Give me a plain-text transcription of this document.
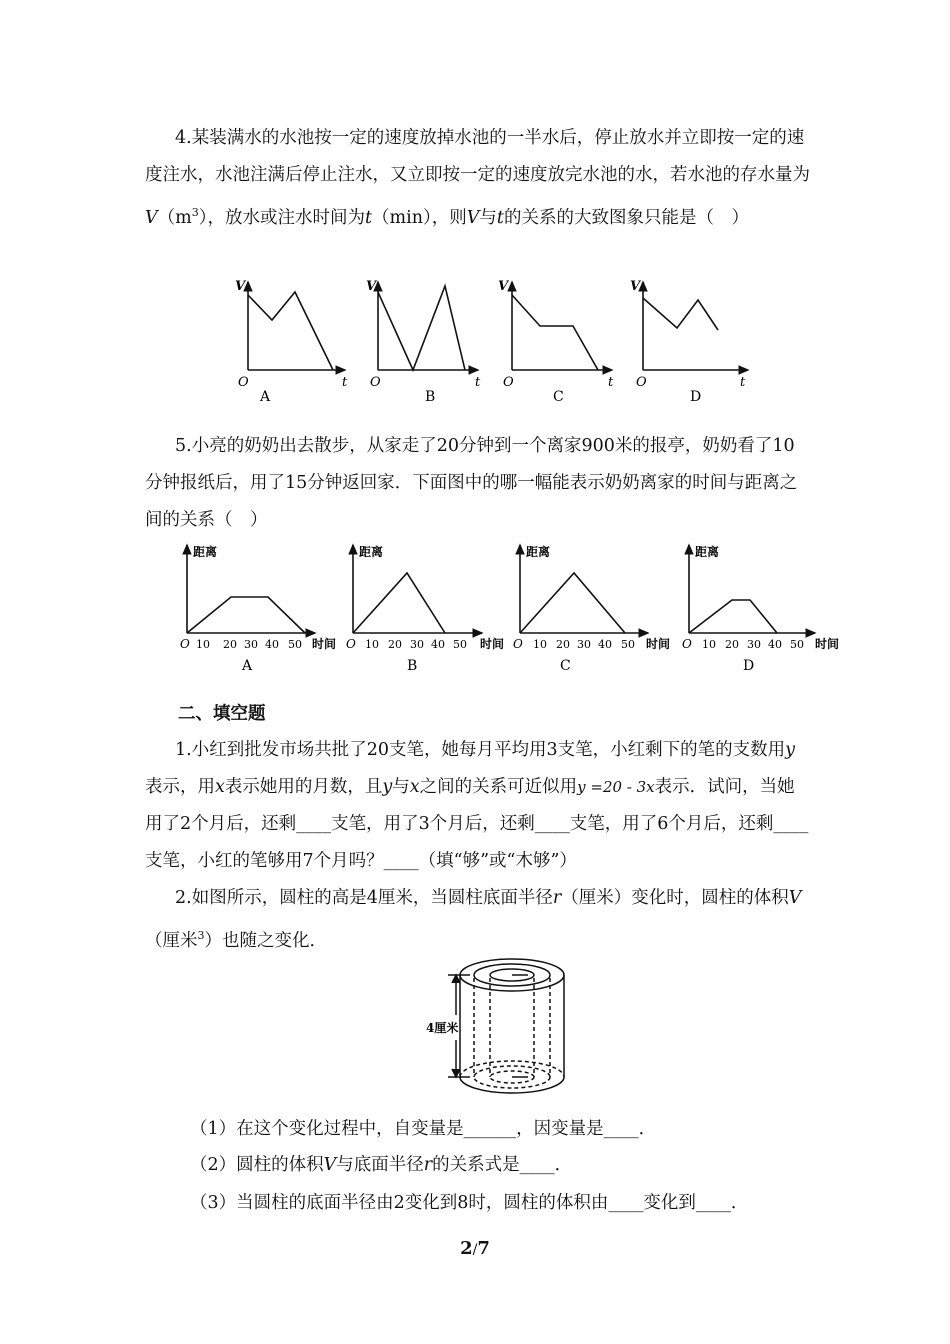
4.某装满水的水池按一定的速度放掉水池的一半水后，停止放水并立即按一定的速度注水，水池注满后停止注水，又立即按一定的速度放完水池的水，若水池的存水量为$V(m^3)$，放水或注水时间为t（min），则V与t的关系的大致图象只能是（　）

V
O	t
A
V
O	t
B
V
O	t
C
V
O	t
D

5.小亮的奶奶出去散步，从家走了20分钟到一个离家900米的报亭，奶奶看了10分钟报纸后，用了15分钟返回家．下面图中的哪一幅能表示奶奶离家的时间与距离之间的关系（　）

距离
O 10 20 30 40 50 时间
A
距离
O 10 20 30 40 50 时间
B
距离
O 10 20 30 40 50 时间
C
距离
O 10 20 30 40 50 时间
D

二、填空题

1.小红到批发市场共批了20支笔，她每月平均用3支笔，小红剩下的笔的支数用y表示，用x表示她用的月数，且y与x之间的关系可近似用y =20 - 3x表示．试问，当她用了2个月后，还剩____支笔，用了3个月后，还剩____支笔，用了6个月后，还剩____支笔，小红的笔够用7个月吗？____（填“够”或“木够”）

2.如图所示，圆柱的高是4厘米，当圆柱底面半径r（厘米）变化时，圆柱的体积V（厘米$^3$）也随之变化．

4厘米

（1）在这个变化过程中，自变量是______，因变量是____．

（2）圆柱的体积V与底面半径r的关系式是____．

（3）当圆柱的底面半径由2变化到8时，圆柱的体积由____变化到____．

2/7
